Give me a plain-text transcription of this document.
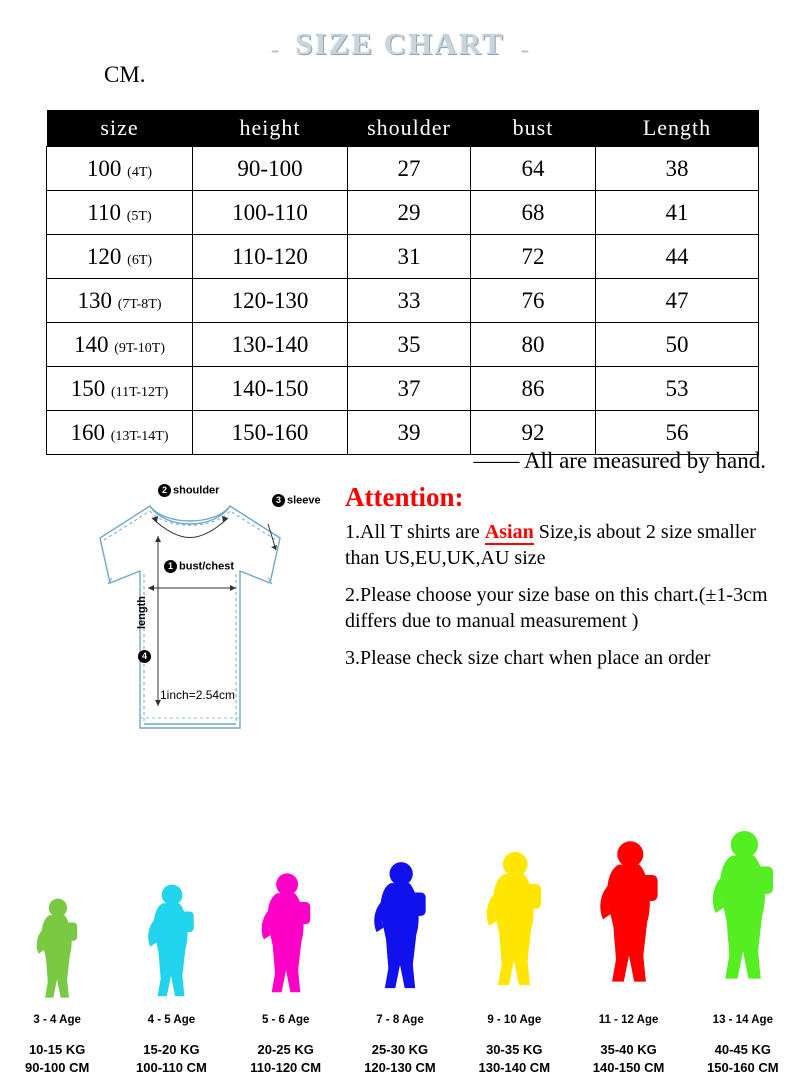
- SIZE CHART -
CM.
size	height	shoulder	bust	Length
100 (4T)	90-100	27	64	38
110 (5T)	100-110	29	68	41
120 (6T)	110-120	31	72	44
130 (7T-8T)	120-130	33	76	47
140 (9T-10T)	130-140	35	80	50
150 (11T-12T)	140-150	37	86	53
160 (13T-14T)	150-160	39	92	56
—— All are measured by hand.
2 shoulder
3 sleeve
1 bust/chest
length
4
1inch=2.54cm
Attention:
1.All T shirts are Asian Size,is about 2 size smaller than US,EU,UK,AU size
2.Please choose your size base on this chart.(±1-3cm differs due to manual measurement )
3.Please check size chart when place an order
3 - 4 Age
10-15 KG
90-100 CM
4 - 5 Age
15-20 KG
100-110 CM
5 - 6 Age
20-25 KG
110-120 CM
7 - 8 Age
25-30 KG
120-130 CM
9 - 10 Age
30-35 KG
130-140 CM
11 - 12 Age
35-40 KG
140-150 CM
13 - 14 Age
40-45 KG
150-160 CM
